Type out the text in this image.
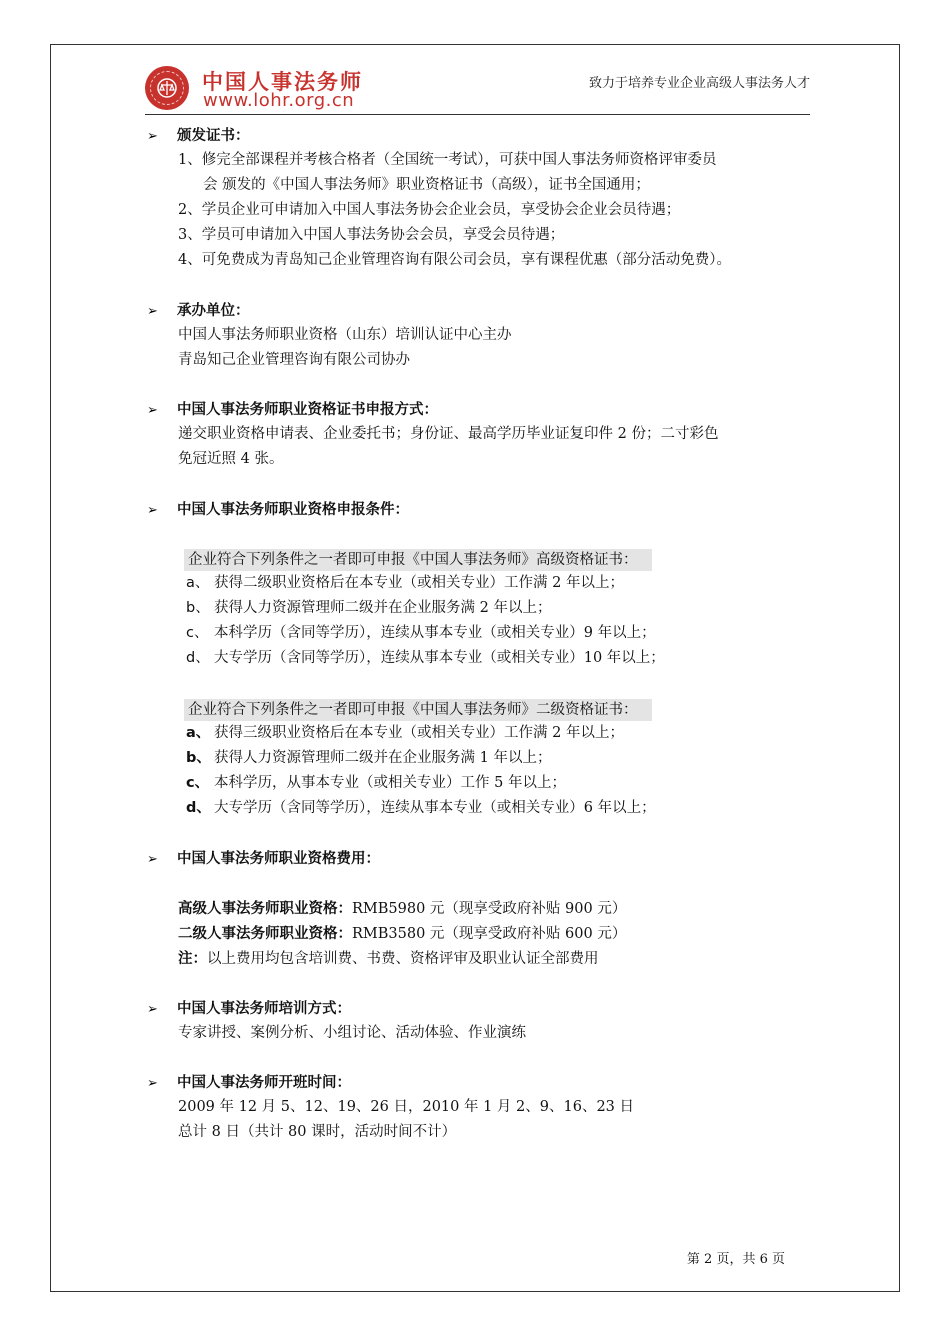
中国人事法务师
www.lohr.org.cn
致力于培养专业企业高级人事法务人才
➢ 颁发证书：
1、修完全部课程并考核合格者（全国统一考试），可获中国人事法务师资格评审委员
会 颁发的《中国人事法务师》职业资格证书（高级），证书全国通用；
2、学员企业可申请加入中国人事法务协会企业会员，享受协会企业会员待遇；
3、学员可申请加入中国人事法务协会会员，享受会员待遇；
4、可免费成为青岛知己企业管理咨询有限公司会员，享有课程优惠（部分活动免费）。
➢ 承办单位：
中国人事法务师职业资格（山东）培训认证中心主办
青岛知己企业管理咨询有限公司协办
➢ 中国人事法务师职业资格证书申报方式：
递交职业资格申请表、企业委托书；身份证、最高学历毕业证复印件 2 份；二寸彩色
免冠近照 4 张。
➢ 中国人事法务师职业资格申报条件：
企业符合下列条件之一者即可申报《中国人事法务师》高级资格证书：
a、 获得二级职业资格后在本专业（或相关专业）工作满 2 年以上；
b、 获得人力资源管理师二级并在企业服务满 2 年以上；
c、 本科学历（含同等学历），连续从事本专业（或相关专业）9 年以上；
d、 大专学历（含同等学历），连续从事本专业（或相关专业）10 年以上；
企业符合下列条件之一者即可申报《中国人事法务师》二级资格证书：
a、 获得三级职业资格后在本专业（或相关专业）工作满 2 年以上；
b、 获得人力资源管理师二级并在企业服务满 1 年以上；
c、 本科学历，从事本专业（或相关专业）工作 5 年以上；
d、 大专学历（含同等学历），连续从事本专业（或相关专业）6 年以上；
➢ 中国人事法务师职业资格费用：
高级人事法务师职业资格：RMB5980 元（现享受政府补贴 900 元）
二级人事法务师职业资格：RMB3580 元（现享受政府补贴 600 元）
注：以上费用均包含培训费、书费、资格评审及职业认证全部费用
➢ 中国人事法务师培训方式：
专家讲授、案例分析、小组讨论、活动体验、作业演练
➢ 中国人事法务师开班时间：
2009 年 12 月 5、12、19、26 日，2010 年 1 月 2、9、16、23 日
总计 8 日（共计 80 课时，活动时间不计）
第 2 页，共 6 页
